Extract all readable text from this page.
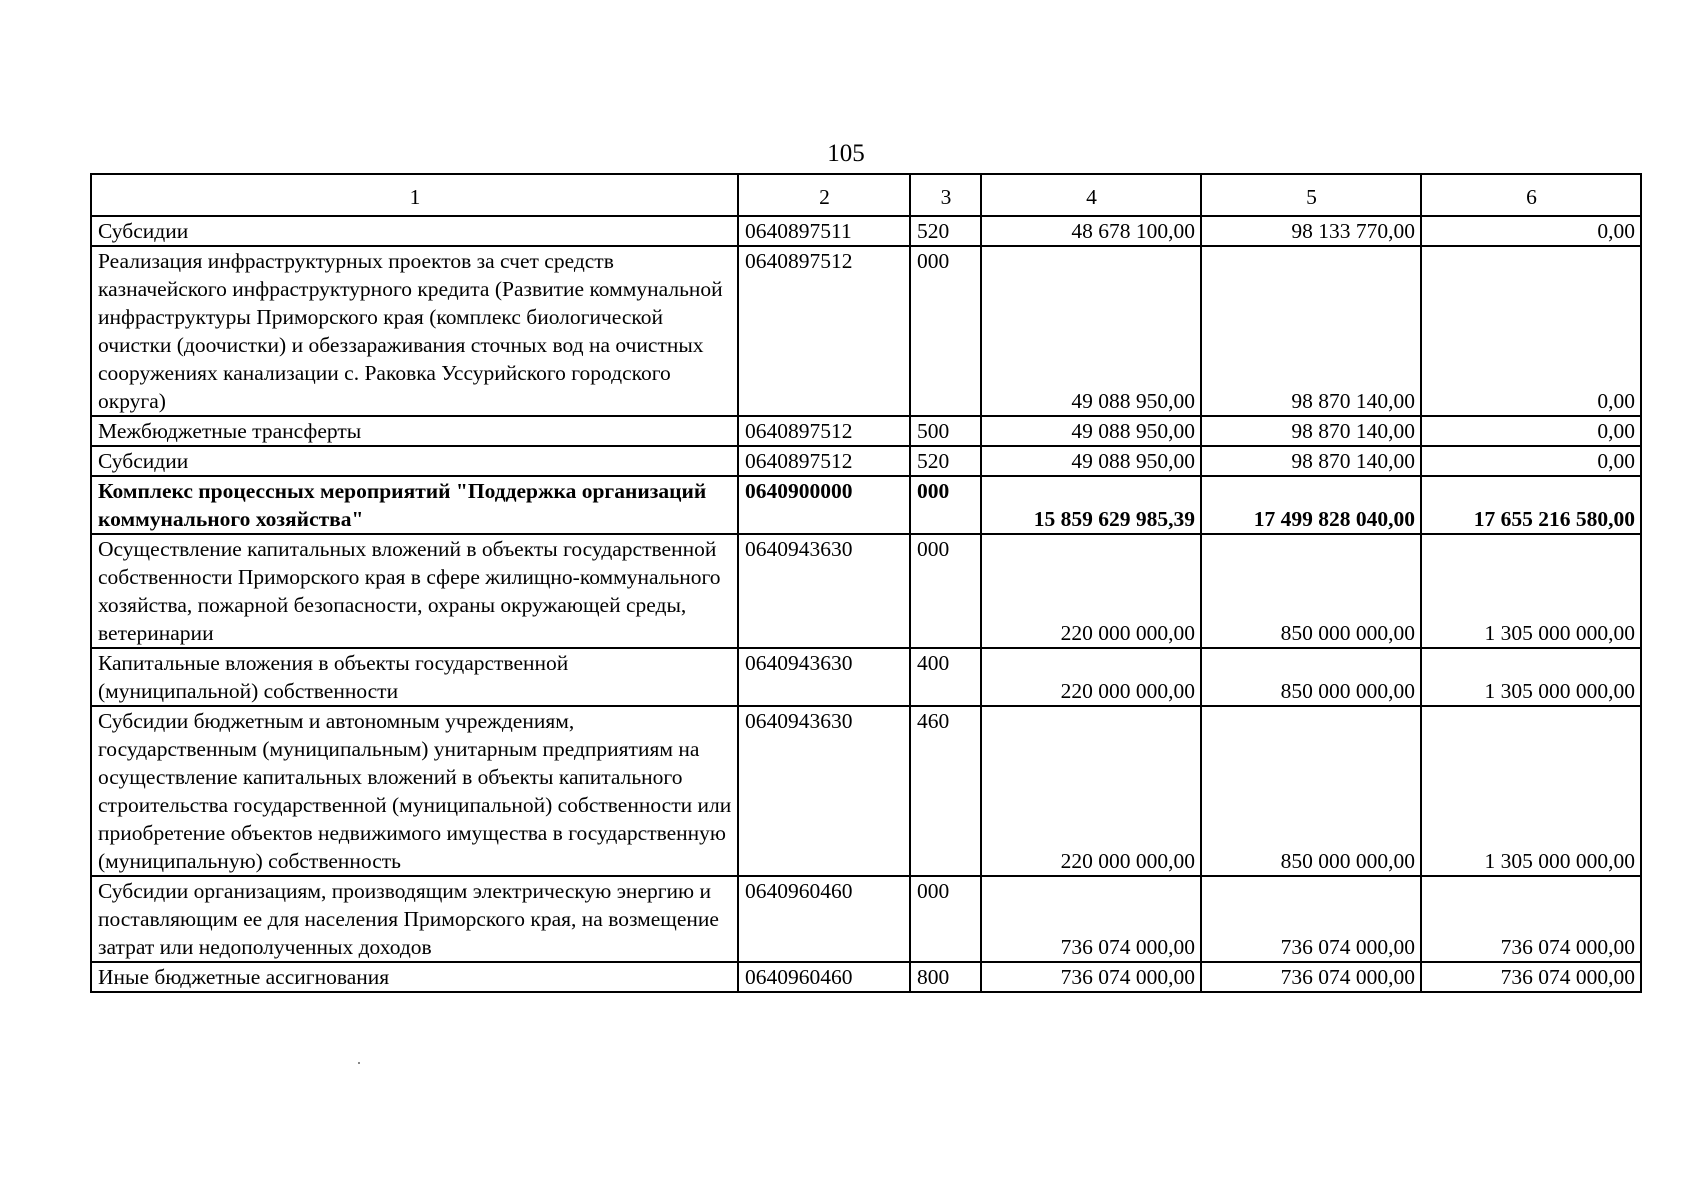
105
1	2	3	4	5	6
Субсидии	0640897511	520	48 678 100,00	98 133 770,00	0,00
Реализация инфраструктурных проектов за счет средств казначейского инфраструктурного кредита (Развитие коммунальной инфраструктуры Приморского края (комплекс биологической очистки (доочистки) и обеззараживания сточных вод на очистных сооружениях канализации с. Раковка Уссурийского городского округа)	0640897512	000	49 088 950,00	98 870 140,00	0,00
Межбюджетные трансферты	0640897512	500	49 088 950,00	98 870 140,00	0,00
Субсидии	0640897512	520	49 088 950,00	98 870 140,00	0,00
Комплекс процессных мероприятий "Поддержка организаций коммунального хозяйства"	0640900000	000	15 859 629 985,39	17 499 828 040,00	17 655 216 580,00
Осуществление капитальных вложений в объекты государственной собственности Приморского края в сфере жилищно-коммунального хозяйства, пожарной безопасности, охраны окружающей среды, ветеринарии	0640943630	000	220 000 000,00	850 000 000,00	1 305 000 000,00
Капитальные вложения в объекты государственной (муниципальной) собственности	0640943630	400	220 000 000,00	850 000 000,00	1 305 000 000,00
Субсидии бюджетным и автономным учреждениям, государственным (муниципальным) унитарным предприятиям на осуществление капитальных вложений в объекты капитального строительства государственной (муниципальной) собственности или приобретение объектов недвижимого имущества в государственную (муниципальную) собственность	0640943630	460	220 000 000,00	850 000 000,00	1 305 000 000,00
Субсидии организациям, производящим электрическую энергию и поставляющим ее для населения Приморского края, на возмещение затрат или недополученных доходов	0640960460	000	736 074 000,00	736 074 000,00	736 074 000,00
Иные бюджетные ассигнования	0640960460	800	736 074 000,00	736 074 000,00	736 074 000,00
